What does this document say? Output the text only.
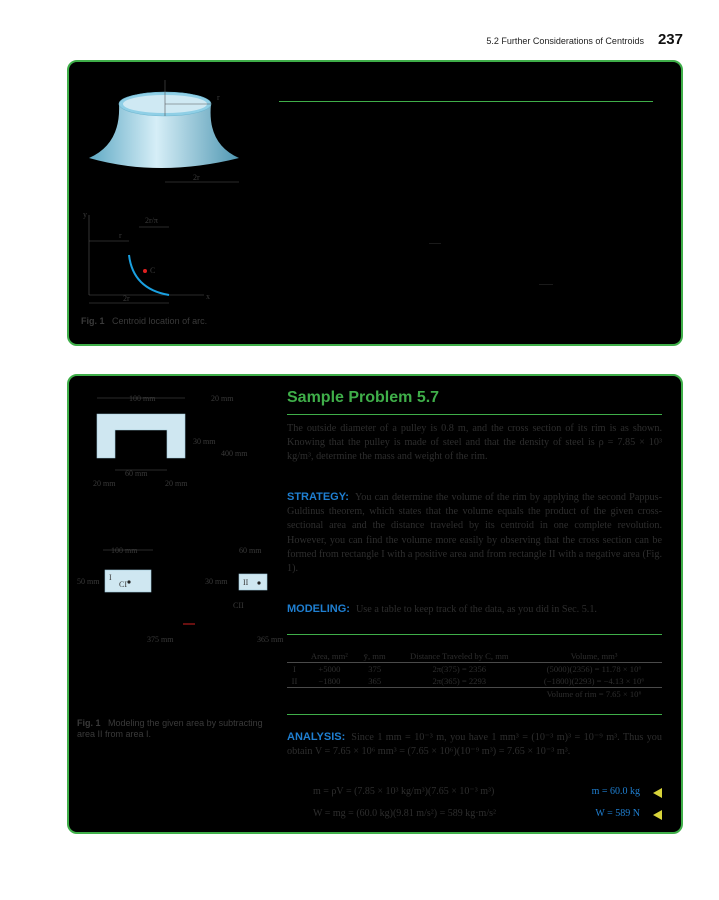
5.2 Further Considerations of Centroids 237
2r
r
y
x
r
2r/π
C
2r
Fig. 1 Centroid location of arc.
100 mm	20 mm
30 mm
400 mm
60 mm
20 mm	20 mm
100 mm	60 mm
50 mm	30 mm
I
CI	II
CII
375 mm	365 mm
Fig. 1 Modeling the given area by subtracting area II from area I.
Sample Problem 5.7
The outside diameter of a pulley is 0.8 m, and the cross section of its rim is as shown. Knowing that the pulley is made of steel and that the density of steel is ρ = 7.85 × 10³ kg/m³, determine the mass and weight of the rim.
STRATEGY: You can determine the volume of the rim by applying the second Pappus-Guldinus theorem, which states that the volume equals the product of the given cross-sectional area and the distance traveled by its centroid in one complete revolution. However, you can find the volume more easily by observing that the cross section can be formed from rectangle I with a positive area and from rectangle II with a negative area (Fig. 1).
MODELING: Use a table to keep track of the data, as you did in Sec. 5.1.
	Area, mm²	ȳ, mm	Distance Traveled by C, mm	Volume, mm³
I	+5000	375	2π(375) = 2356	(5000)(2356) = 11.78 × 10⁶
II	−1800	365	2π(365) = 2293	(−1800)(2293) = −4.13 × 10⁶
				Volume of rim = 7.65 × 10⁶
ANALYSIS: Since 1 mm = 10⁻³ m, you have 1 mm³ = (10⁻³ m)³ = 10⁻⁹ m³. Thus you obtain V = 7.65 × 10⁶ mm³ = (7.65 × 10⁶)(10⁻⁹ m³) = 7.65 × 10⁻³ m³.
m = ρV = (7.85 × 10³ kg/m³)(7.65 × 10⁻³ m³)	m = 60.0 kg
W = mg = (60.0 kg)(9.81 m/s²) = 589 kg·m/s²	W = 589 N
